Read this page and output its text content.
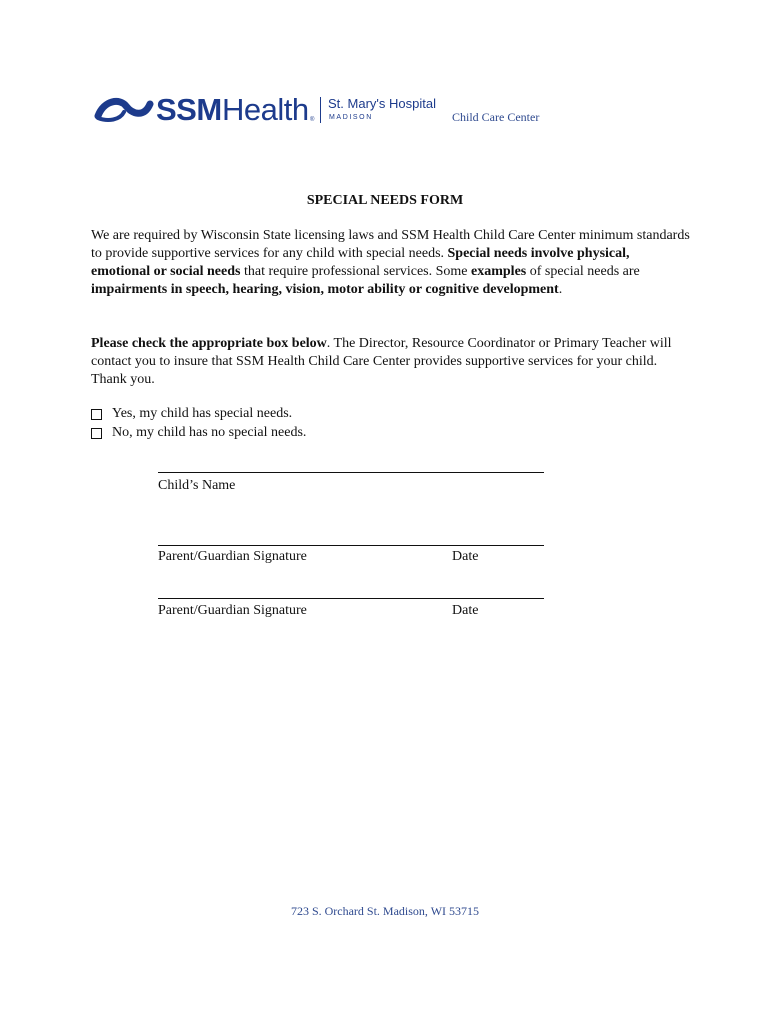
SSM Health ®
St. Mary's Hospital
MADISON	Child Care Center
SPECIAL NEEDS FORM
We are required by Wisconsin State licensing laws and SSM Health Child Care Center minimum standards to provide supportive services for any child with special needs. Special needs involve physical, emotional or social needs that require professional services. Some examples of special needs are impairments in speech, hearing, vision, motor ability or cognitive development.
Please check the appropriate box below. The Director, Resource Coordinator or Primary Teacher will contact you to insure that SSM Health Child Care Center provides supportive services for your child. Thank you.
Yes, my child has special needs.
No, my child has no special needs.
Child’s Name
Parent/Guardian Signature	Date
Parent/Guardian Signature	Date
723 S. Orchard St. Madison, WI 53715
